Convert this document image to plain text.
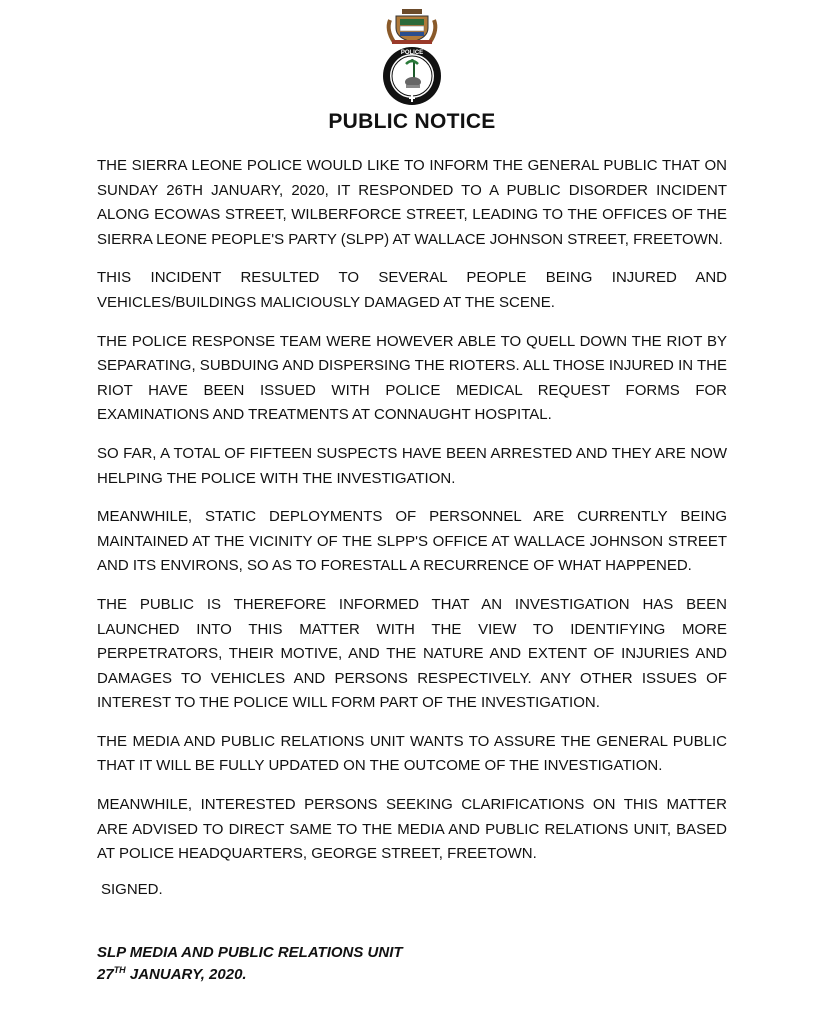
POLICE
PUBLIC NOTICE

THE SIERRA LEONE POLICE WOULD LIKE TO INFORM THE GENERAL PUBLIC THAT ON SUNDAY 26TH JANUARY, 2020, IT RESPONDED TO A PUBLIC DISORDER INCIDENT ALONG ECOWAS STREET, WILBERFORCE STREET, LEADING TO THE OFFICES OF THE SIERRA LEONE PEOPLE'S PARTY (SLPP) AT WALLACE JOHNSON STREET, FREETOWN.

THIS INCIDENT RESULTED TO SEVERAL PEOPLE BEING INJURED AND VEHICLES/BUILDINGS MALICIOUSLY DAMAGED AT THE SCENE.

THE POLICE RESPONSE TEAM WERE HOWEVER ABLE TO QUELL DOWN THE RIOT BY SEPARATING, SUBDUING AND DISPERSING THE RIOTERS. ALL THOSE INJURED IN THE RIOT HAVE BEEN ISSUED WITH POLICE MEDICAL REQUEST FORMS FOR EXAMINATIONS AND TREATMENTS AT CONNAUGHT HOSPITAL.

SO FAR, A TOTAL OF FIFTEEN SUSPECTS HAVE BEEN ARRESTED AND THEY ARE NOW HELPING THE POLICE WITH THE INVESTIGATION.

MEANWHILE, STATIC DEPLOYMENTS OF PERSONNEL ARE CURRENTLY BEING MAINTAINED AT THE VICINITY OF THE SLPP'S OFFICE AT WALLACE JOHNSON STREET AND ITS ENVIRONS, SO AS TO FORESTALL A RECURRENCE OF WHAT HAPPENED.

THE PUBLIC IS THEREFORE INFORMED THAT AN INVESTIGATION HAS BEEN LAUNCHED INTO THIS MATTER WITH THE VIEW TO IDENTIFYING MORE PERPETRATORS, THEIR MOTIVE, AND THE NATURE AND EXTENT OF INJURIES AND DAMAGES TO VEHICLES AND PERSONS RESPECTIVELY. ANY OTHER ISSUES OF INTEREST TO THE POLICE WILL FORM PART OF THE INVESTIGATION.

THE MEDIA AND PUBLIC RELATIONS UNIT WANTS TO ASSURE THE GENERAL PUBLIC THAT IT WILL BE FULLY UPDATED ON THE OUTCOME OF THE INVESTIGATION.

MEANWHILE, INTERESTED PERSONS SEEKING CLARIFICATIONS ON THIS MATTER ARE ADVISED TO DIRECT SAME TO THE MEDIA AND PUBLIC RELATIONS UNIT, BASED AT POLICE HEADQUARTERS, GEORGE STREET, FREETOWN.

SIGNED.
SLP MEDIA AND PUBLIC RELATIONS UNIT
27TH JANUARY, 2020.
